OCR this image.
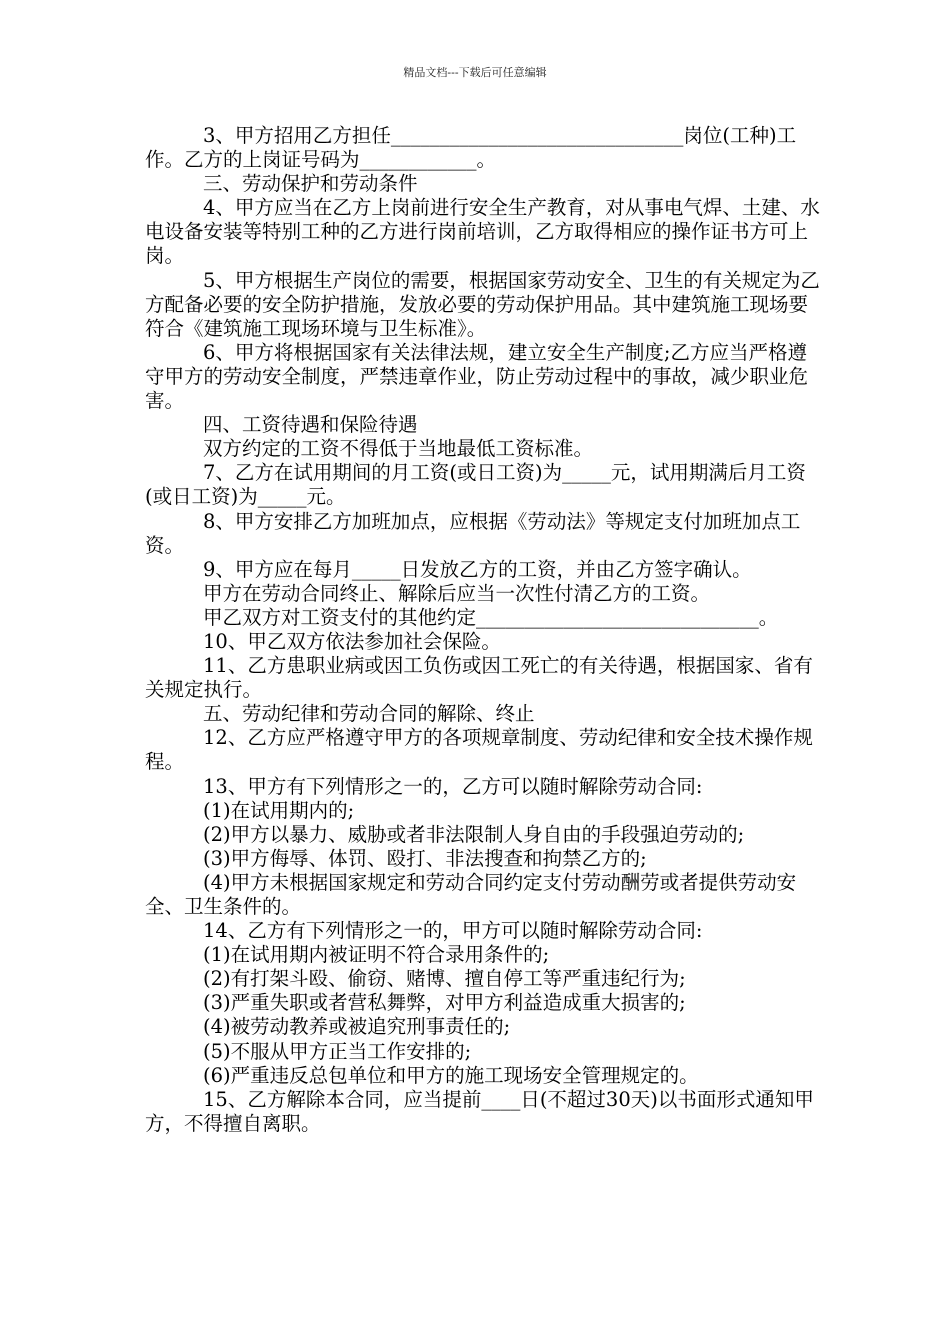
精品文档---下载后可任意编辑

3、甲方招用乙方担任______________________________岗位(工种)工作。乙方的上岗证号码为____________。

三、劳动保护和劳动条件

4、甲方应当在乙方上岗前进行安全生产教育，对从事电气焊、土建、水电设备安装等特别工种的乙方进行岗前培训，乙方取得相应的操作证书方可上岗。

5、甲方根据生产岗位的需要，根据国家劳动安全、卫生的有关规定为乙方配备必要的安全防护措施，发放必要的劳动保护用品。其中建筑施工现场要符合《建筑施工现场环境与卫生标准》。

6、甲方将根据国家有关法律法规，建立安全生产制度;乙方应当严格遵守甲方的劳动安全制度，严禁违章作业，防止劳动过程中的事故，减少职业危害。

四、工资待遇和保险待遇

双方约定的工资不得低于当地最低工资标准。

7、乙方在试用期间的月工资(或日工资)为_____元，试用期满后月工资(或日工资)为_____元。

8、甲方安排乙方加班加点，应根据《劳动法》等规定支付加班加点工资。

9、甲方应在每月_____日发放乙方的工资，并由乙方签字确认。

甲方在劳动合同终止、解除后应当一次性付清乙方的工资。

甲乙双方对工资支付的其他约定_____________________________。

10、甲乙双方依法参加社会保险。

11、乙方患职业病或因工负伤或因工死亡的有关待遇，根据国家、省有关规定执行。

五、劳动纪律和劳动合同的解除、终止

12、乙方应严格遵守甲方的各项规章制度、劳动纪律和安全技术操作规程。

13、甲方有下列情形之一的，乙方可以随时解除劳动合同:

(1)在试用期内的;

(2)甲方以暴力、威胁或者非法限制人身自由的手段强迫劳动的;

(3)甲方侮辱、体罚、殴打、非法搜查和拘禁乙方的;

(4)甲方未根据国家规定和劳动合同约定支付劳动酬劳或者提供劳动安全、卫生条件的。

14、乙方有下列情形之一的，甲方可以随时解除劳动合同:

(1)在试用期内被证明不符合录用条件的;

(2)有打架斗殴、偷窃、赌博、擅自停工等严重违纪行为;

(3)严重失职或者营私舞弊，对甲方利益造成重大损害的;

(4)被劳动教养或被追究刑事责任的;

(5)不服从甲方正当工作安排的;

(6)严重违反总包单位和甲方的施工现场安全管理规定的。

15、乙方解除本合同，应当提前____日(不超过30天)以书面形式通知甲方，不得擅自离职。
